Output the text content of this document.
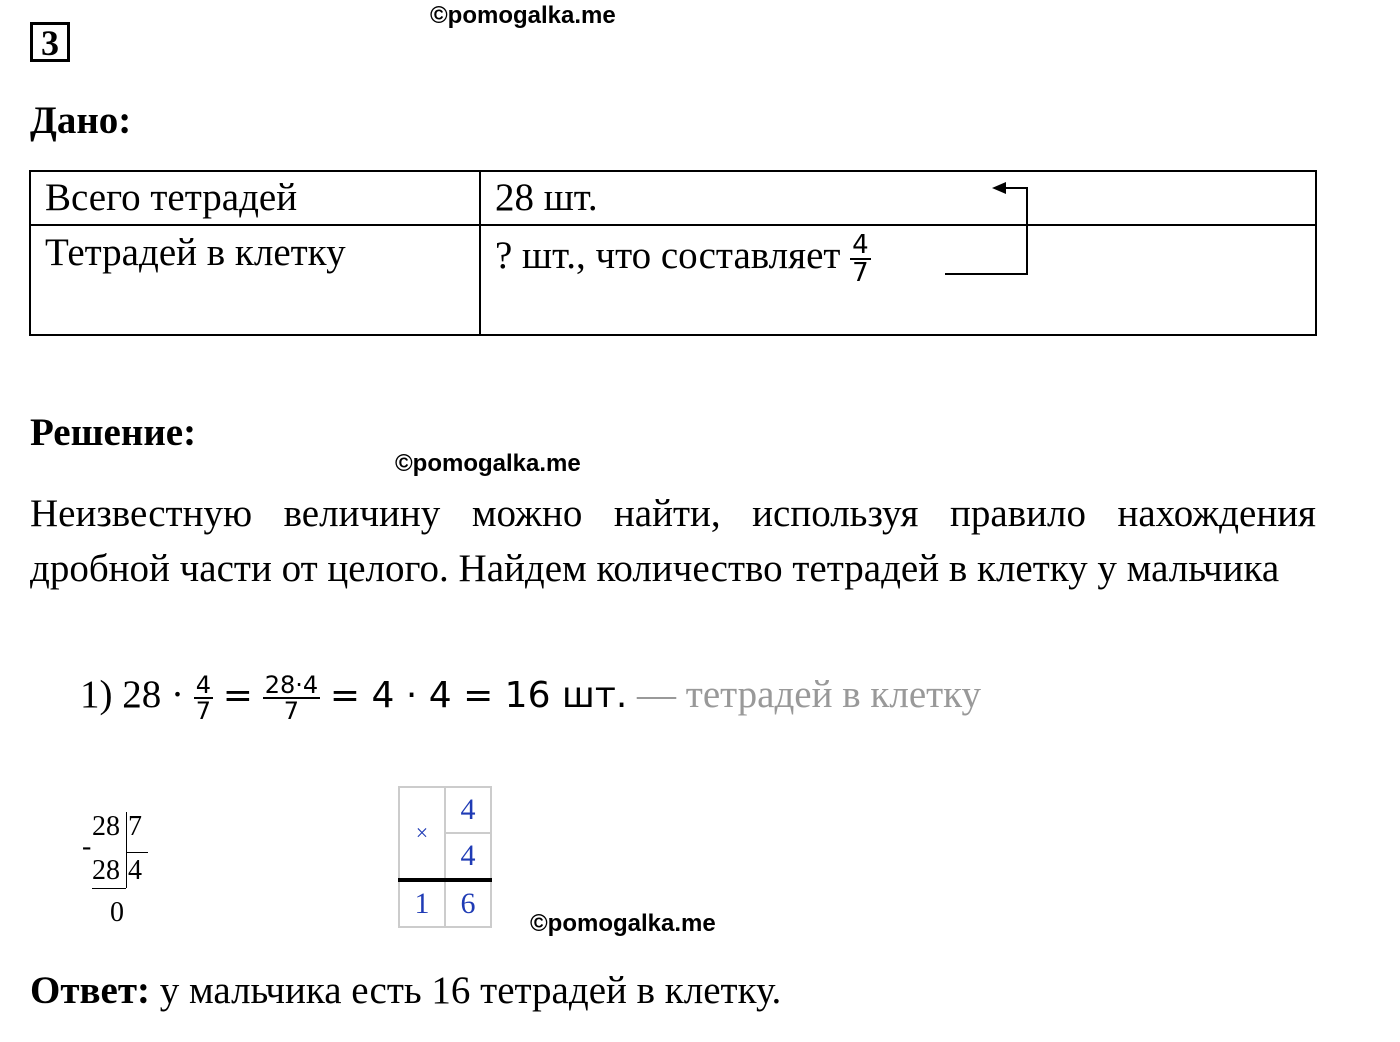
3
©pomogalka.me
©pomogalka.me
©pomogalka.me
Дано:
Всего тетрадей	28 шт.
Тетрадей в клетку	? шт., что составляет $\frac{4}{7}$
Решение:
Неизвестную величину можно найти, используя правило нахождения дробной части от целого. Найдем количество тетрадей в клетку у мальчика
1) $28 \cdot \frac{4}{7} = \frac{28\cdot 4}{7} = 4 \cdot 4 = 16$ шт. — тетрадей в клетку
28 7
-
28 4
0
×	4
	4
1	6
Ответ: у мальчика есть 16 тетрадей в клетку.
